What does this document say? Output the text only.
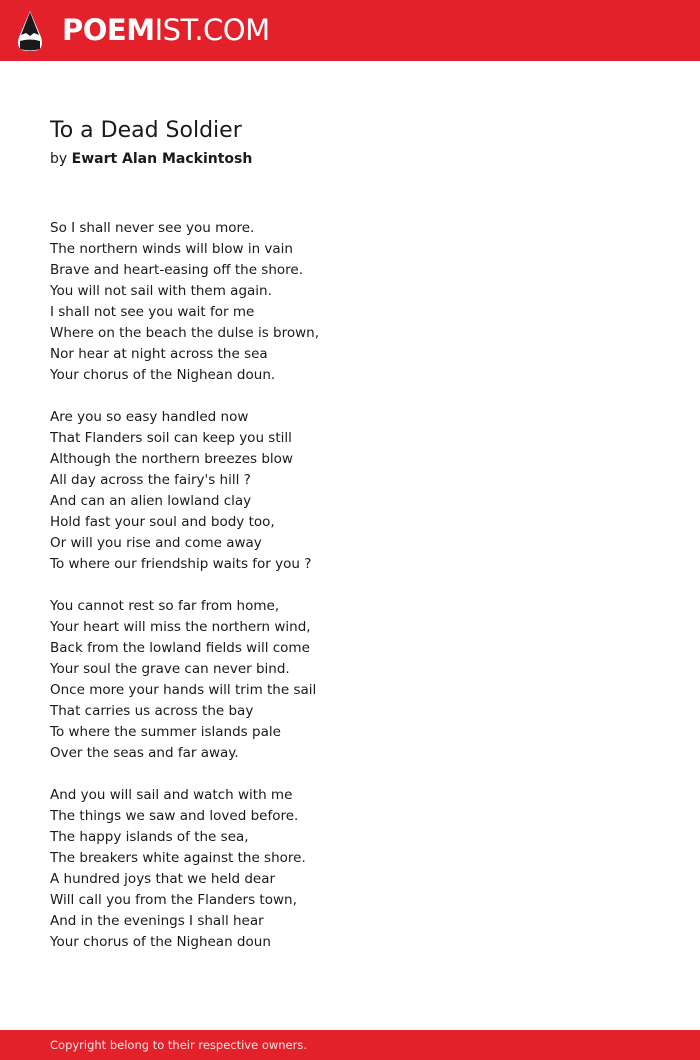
POEMIST.COM
To a Dead Soldier
by Ewart Alan Mackintosh
So I shall never see you more.
The northern winds will blow in vain
Brave and heart-easing off the shore.
You will not sail with them again.
I shall not see you wait for me
Where on the beach the dulse is brown,
Nor hear at night across the sea
Your chorus of the Nighean doun.
Are you so easy handled now
That Flanders soil can keep you still
Although the northern breezes blow
All day across the fairy's hill ?
And can an alien lowland clay
Hold fast your soul and body too,
Or will you rise and come away
To where our friendship waits for you ?
You cannot rest so far from home,
Your heart will miss the northern wind,
Back from the lowland fields will come
Your soul the grave can never bind.
Once more your hands will trim the sail
That carries us across the bay
To where the summer islands pale
Over the seas and far away.
And you will sail and watch with me
The things we saw and loved before.
The happy islands of the sea,
The breakers white against the shore.
A hundred joys that we held dear
Will call you from the Flanders town,
And in the evenings I shall hear
Your chorus of the Nighean doun
Copyright belong to their respective owners.
